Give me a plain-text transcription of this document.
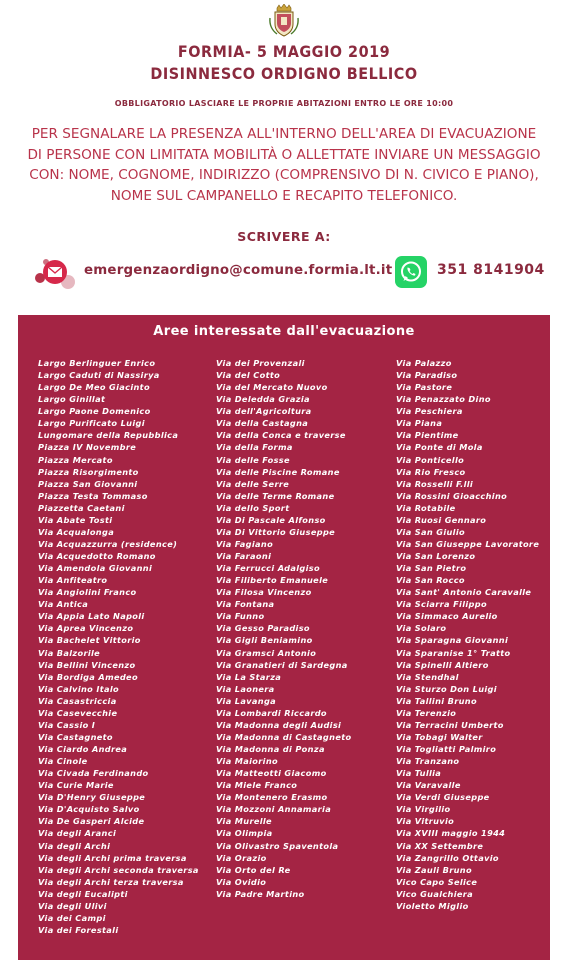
FORMIA- 5 MAGGIO 2019
DISINNESCO ORDIGNO BELLICO
OBBLIGATORIO LASCIARE LE PROPRIE ABITAZIONI ENTRO LE ORE 10:00
PER SEGNALARE LA PRESENZA ALL'INTERNO DELL'AREA DI EVACUAZIONE
DI PERSONE CON LIMITATA MOBILITÀ O ALLETTATE INVIARE UN MESSAGGIO
CON: NOME, COGNOME, INDIRIZZO (COMPRENSIVO DI N. CIVICO E PIANO),
NOME SUL CAMPANELLO E RECAPITO TELEFONICO.
SCRIVERE A:
emergenzaordigno@comune.formia.lt.it	351 8141904
Aree interessate dall'evacuazione
Largo Berlinguer Enrico
Largo Caduti di Nassirya
Largo De Meo Giacinto
Largo Ginillat
Largo Paone Domenico
Largo Purificato Luigi
Lungomare della Repubblica
Piazza IV Novembre
Piazza Mercato
Piazza Risorgimento
Piazza San Giovanni
Piazza Testa Tommaso
Piazzetta Caetani
Via Abate Tosti
Via Acqualonga
Via Acquazzurra (residence)
Via Acquedotto Romano
Via Amendola Giovanni
Via Anfiteatro
Via Angiolini Franco
Via Antica
Via Appia Lato Napoli
Via Aprea Vincenzo
Via Bachelet Vittorio
Via Balzorile
Via Bellini Vincenzo
Via Bordiga Amedeo
Via Calvino Italo
Via Casastriccia
Via Casevecchie
Via Cassio I
Via Castagneto
Via Ciardo Andrea
Via Cinole
Via Civada Ferdinando
Via Curie Marie
Via D'Henry Giuseppe
Via D'Acquisto Salvo
Via De Gasperi Alcide
Via degli Aranci
Via degli Archi
Via degli Archi prima traversa
Via degli Archi seconda traversa
Via degli Archi terza traversa
Via degli Eucalipti
Via degli Ulivi
Via dei Campi
Via dei Forestali
Via dei Provenzali
Via del Cotto
Via del Mercato Nuovo
Via Deledda Grazia
Via dell'Agricoltura
Via della Castagna
Via della Conca e traverse
Via della Forma
Via delle Fosse
Via delle Piscine Romane
Via delle Serre
Via delle Terme Romane
Via dello Sport
Via Di Pascale Alfonso
Via Di Vittorio Giuseppe
Via Fagiano
Via Faraoni
Via Ferrucci Adalgiso
Via Filiberto Emanuele
Via Filosa Vincenzo
Via Fontana
Via Funno
Via Gesso Paradiso
Via Gigli Beniamino
Via Gramsci Antonio
Via Granatieri di Sardegna
Via La Starza
Via Laonera
Via Lavanga
Via Lombardi Riccardo
Via Madonna degli Audisi
Via Madonna di Castagneto
Via Madonna di Ponza
Via Maiorino
Via Matteotti Giacomo
Via Miele Franco
Via Montenero Erasmo
Via Mozzoni Annamaria
Via Murelle
Via Olimpia
Via Olivastro Spaventola
Via Orazio
Via Orto del Re
Via Ovidio
Via Padre Martino
Via Palazzo
Via Paradiso
Via Pastore
Via Penazzato Dino
Via Peschiera
Via Piana
Via Pientime
Via Ponte di Mola
Via Ponticello
Via Rio Fresco
Via Rosselli F.lli
Via Rossini Gioacchino
Via Rotabile
Via Ruosi Gennaro
Via San Giulio
Via San Giuseppe Lavoratore
Via San Lorenzo
Via San Pietro
Via San Rocco
Via Sant' Antonio Caravalle
Via Sciarra Filippo
Via Simmaco Aurelio
Via Solaro
Via Sparagna Giovanni
Via Sparanise 1° Tratto
Via Spinelli Altiero
Via Stendhal
Via Sturzo Don Luigi
Via Tallini Bruno
Via Terenzio
Via Terracini Umberto
Via Tobagi Walter
Via Togliatti Palmiro
Via Tranzano
Via Tullia
Via Varavalle
Via Verdi Giuseppe
Via Virgilio
Via Vitruvio
Via XVIII maggio 1944
Via XX Settembre
Via Zangrillo Ottavio
Via Zauli Bruno
Vico Capo Selice
Vico Gualchiera
Violetto Miglio
